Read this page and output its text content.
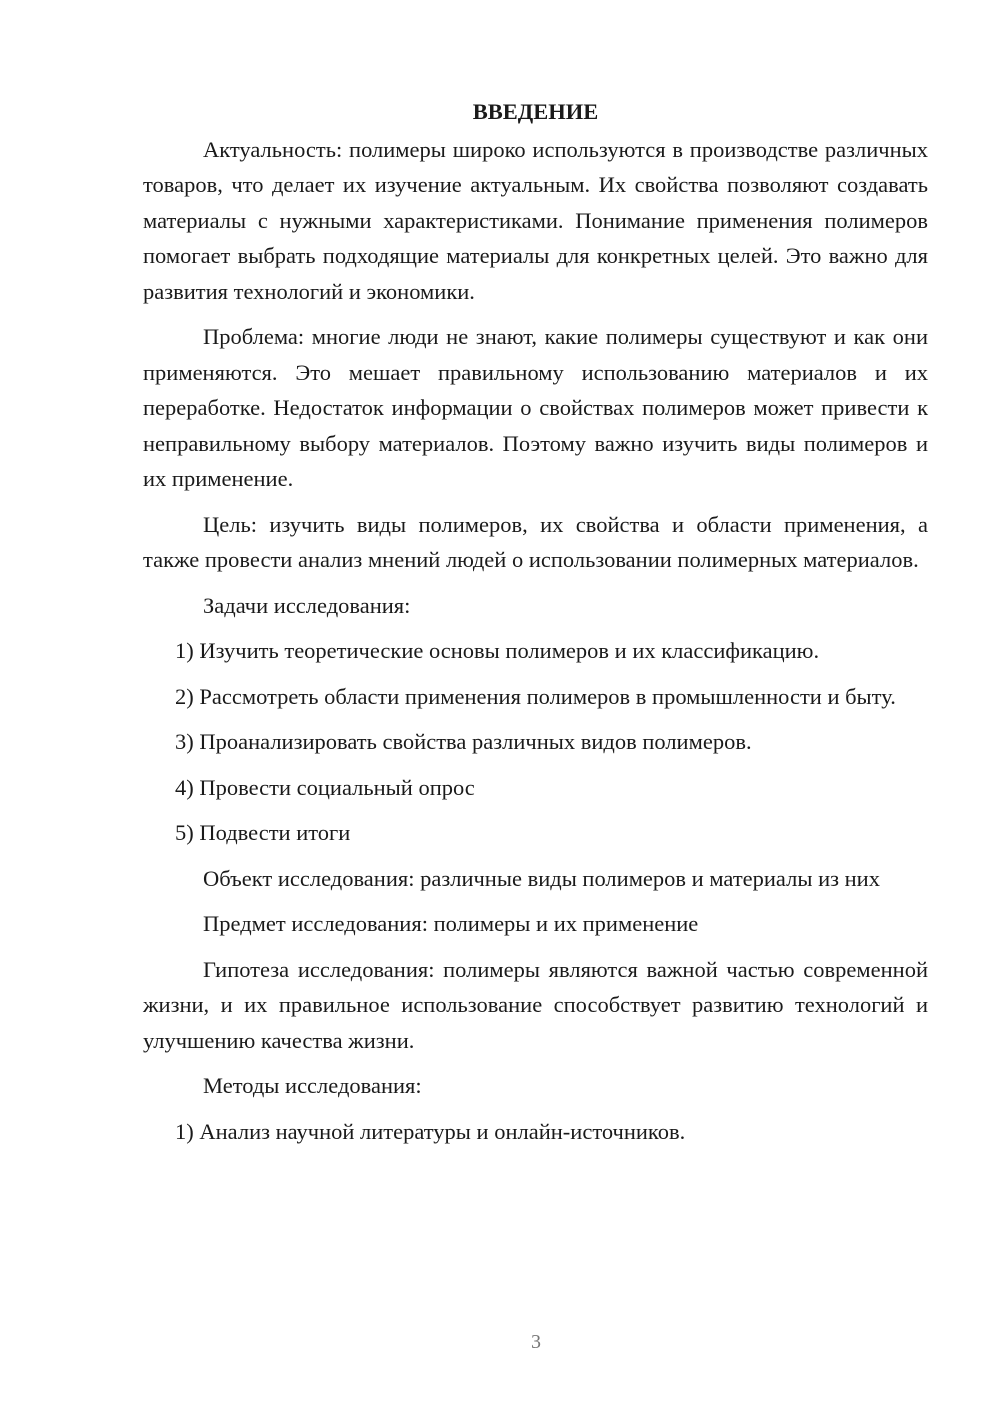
ВВЕДЕНИЕ

Актуальность: полимеры широко используются в производстве различных товаров, что делает их изучение актуальным. Их свойства позволяют создавать материалы с нужными характеристиками. Понимание применения полимеров помогает выбрать подходящие материалы для конкретных целей. Это важно для развития технологий и экономики.

Проблема: многие люди не знают, какие полимеры существуют и как они применяются. Это мешает правильному использованию материалов и их переработке. Недостаток информации о свойствах полимеров может привести к неправильному выбору материалов. Поэтому важно изучить виды полимеров и их применение.

Цель: изучить виды полимеров, их свойства и области применения, а также провести анализ мнений людей о использовании полимерных материалов.

Задачи исследования:

1) Изучить теоретические основы полимеров и их классификацию.

2) Рассмотреть области применения полимеров в промышленности и быту.

3) Проанализировать свойства различных видов полимеров.

4) Провести социальный опрос

5) Подвести итоги

Объект исследования: различные виды полимеров и материалы из них

Предмет исследования: полимеры и их применение

Гипотеза исследования: полимеры являются важной частью современной жизни, и их правильное использование способствует развитию технологий и улучшению качества жизни.

Методы исследования:

1) Анализ научной литературы и онлайн-источников.

3
